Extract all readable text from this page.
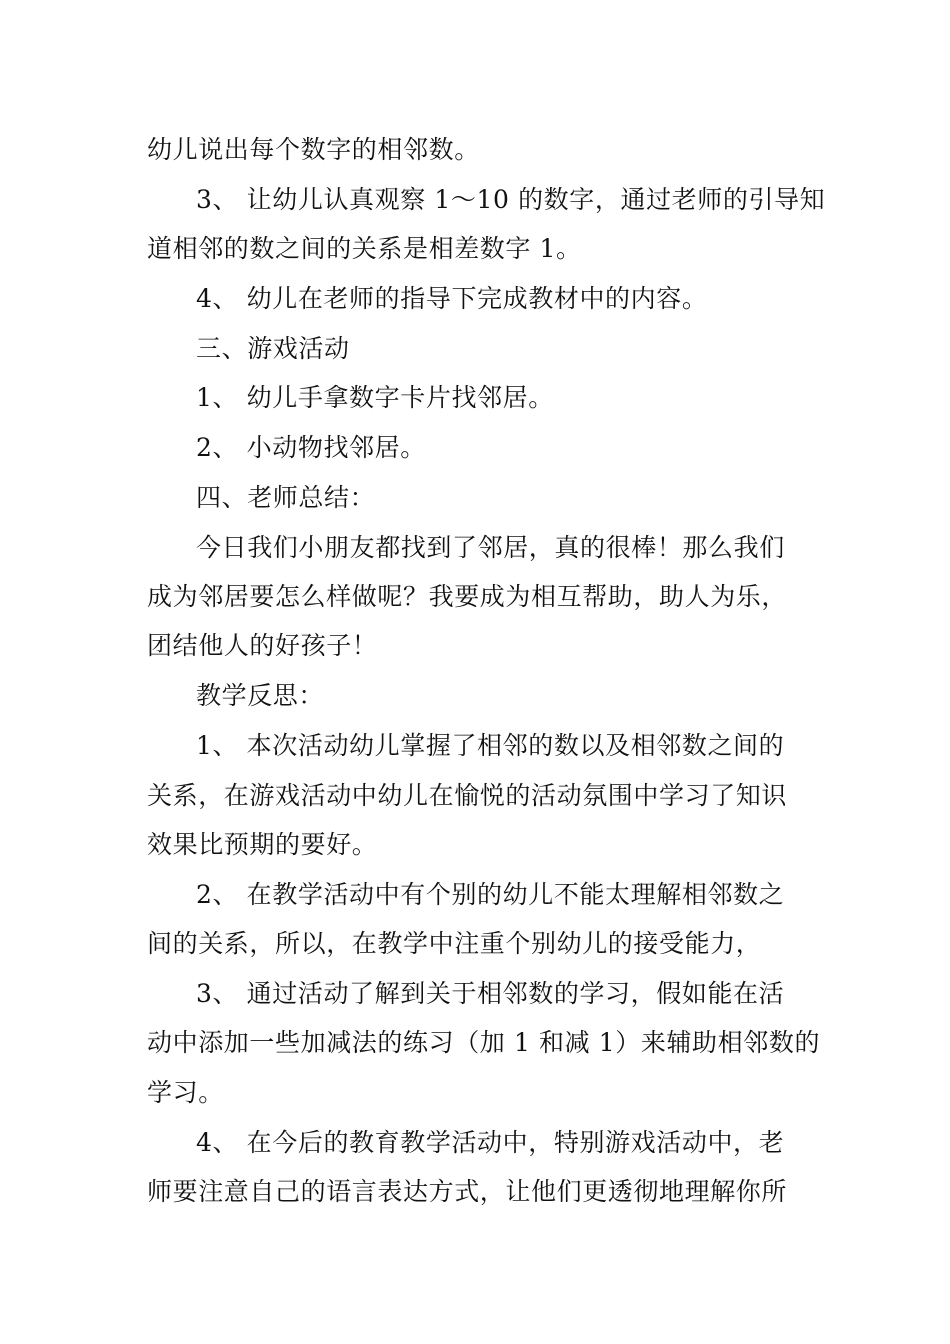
幼儿说出每个数字的相邻数。
3、 让幼儿认真观察 1～10 的数字，通过老师的引导知
道相邻的数之间的关系是相差数字 1。
4、 幼儿在老师的指导下完成教材中的内容。
三、游戏活动
1、 幼儿手拿数字卡片找邻居。
2、 小动物找邻居。
四、老师总结：
今日我们小朋友都找到了邻居，真的很棒！那么我们
成为邻居要怎么样做呢？我要成为相互帮助，助人为乐，
团结他人的好孩子！
教学反思：
1、 本次活动幼儿掌握了相邻的数以及相邻数之间的
关系，在游戏活动中幼儿在愉悦的活动氛围中学习了知识
效果比预期的要好。
2、 在教学活动中有个别的幼儿不能太理解相邻数之
间的关系，所以，在教学中注重个别幼儿的接受能力，
3、 通过活动了解到关于相邻数的学习，假如能在活
动中添加一些加减法的练习（加 1 和减 1）来辅助相邻数的
学习。
4、 在今后的教育教学活动中，特别游戏活动中，老
师要注意自己的语言表达方式，让他们更透彻地理解你所
